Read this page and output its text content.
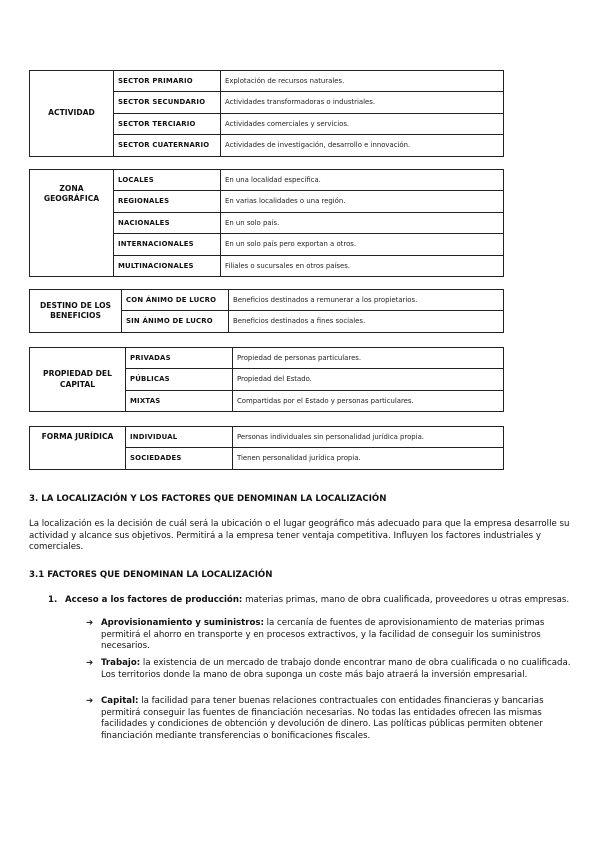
ACTIVIDAD	SECTOR PRIMARIO	Explotación de recursos naturales.
	SECTOR SECUNDARIO	Actividades transformadoras o industriales.
	SECTOR TERCIARIO	Actividades comerciales y servicios.
	SECTOR CUATERNARIO	Actividades de investigación, desarrollo e innovación.
ZONA GEOGRÁFICA	LOCALES	En una localidad específica.
	REGIONALES	En varias localidades o una región.
	NACIONALES	En un solo país.
	INTERNACIONALES	En un solo país pero exportan a otros.
	MULTINACIONALES	Filiales o sucursales en otros países.
DESTINO DE LOS BENEFICIOS	CON ÁNIMO DE LUCRO	Beneficios destinados a remunerar a los propietarios.
	SIN ÁNIMO DE LUCRO	Beneficios destinados a fines sociales.
PROPIEDAD DEL CAPITAL	PRIVADAS	Propiedad de personas particulares.
	PÚBLICAS	Propiedad del Estado.
	MIXTAS	Compartidas por el Estado y personas particulares.
FORMA JURÍDICA	INDIVIDUAL	Personas individuales sin personalidad jurídica propia.
	SOCIEDADES	Tienen personalidad jurídica propia.
3. LA LOCALIZACIÓN Y LOS FACTORES QUE DENOMINAN LA LOCALIZACIÓN
La localización es la decisión de cuál será la ubicación o el lugar geográfico más adecuado para que la empresa desarrolle su actividad y alcance sus objetivos. Permitirá a la empresa tener ventaja competitiva. Influyen los factores industriales y comerciales.
3.1 FACTORES QUE DENOMINAN LA LOCALIZACIÓN
1. Acceso a los factores de producción: materias primas, mano de obra cualificada, proveedores u otras empresas.
➔ Aprovisionamiento y suministros: la cercanía de fuentes de aprovisionamiento de materias primas permitirá el ahorro en transporte y en procesos extractivos, y la facilidad de conseguir los suministros necesarios.
➔ Trabajo: la existencia de un mercado de trabajo donde encontrar mano de obra cualificada o no cualificada. Los territorios donde la mano de obra suponga un coste más bajo atraerá la inversión empresarial.
➔ Capital: la facilidad para tener buenas relaciones contractuales con entidades financieras y bancarias permitirá conseguir las fuentes de financiación necesarias. No todas las entidades ofrecen las mismas facilidades y condiciones de obtención y devolución de dinero. Las políticas públicas permiten obtener financiación mediante transferencias o bonificaciones fiscales.
